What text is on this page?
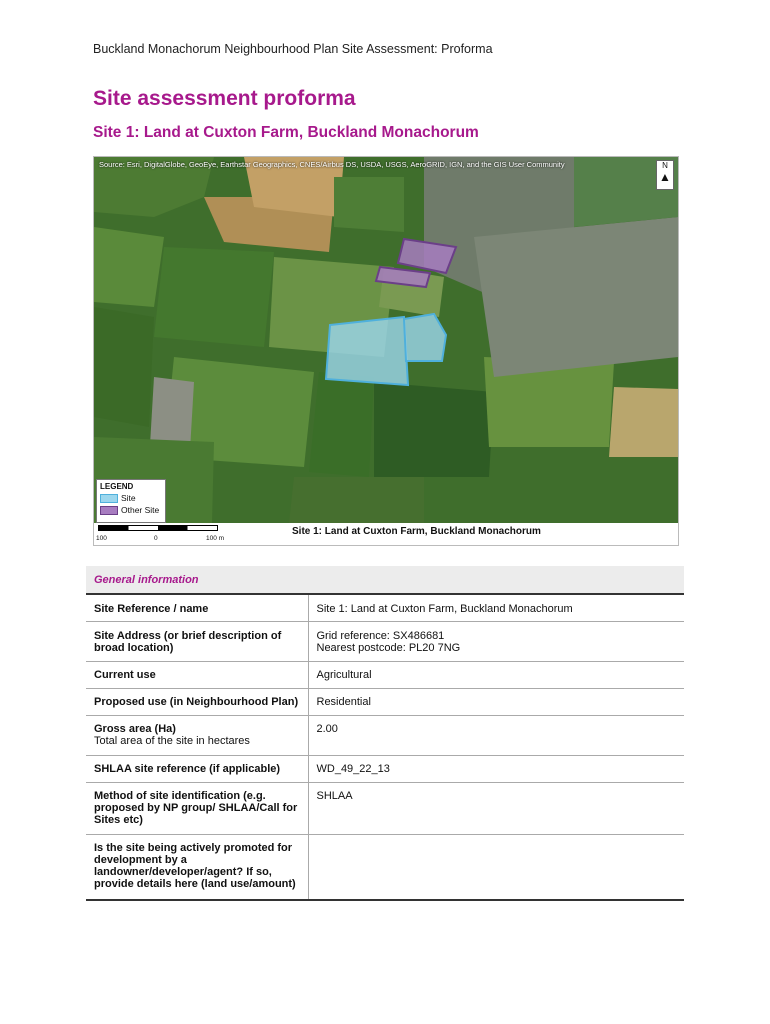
Buckland Monachorum Neighbourhood Plan Site Assessment: Proforma
Site assessment proforma
Site 1: Land at Cuxton Farm, Buckland Monachorum
Source: Esri, DigitalGlobe, GeoEye, Earthstar Geographics, CNES/Airbus DS, USDA, USGS, AeroGRID, IGN, and the GIS User Community	N
▲
LEGEND
Site
Other Site
100	0	100 m
Site 1: Land at Cuxton Farm, Buckland Monachorum
General information	
Site Reference / name	Site 1: Land at Cuxton Farm, Buckland Monachorum
Site Address (or brief description of broad location)	Grid reference: SX486681
Nearest postcode: PL20 7NG

Current use	Agricultural
Proposed use (in Neighbourhood Plan)	Residential

Gross area (Ha)
Total area of the site in hectares	2.00
SHLAA site reference (if applicable)	WD_49_22_13
Method of site identification (e.g. proposed by NP group/ SHLAA/Call for Sites etc)	SHLAA
Is the site being actively promoted for development by a landowner/developer/agent? If so, provide details here (land use/amount)	
